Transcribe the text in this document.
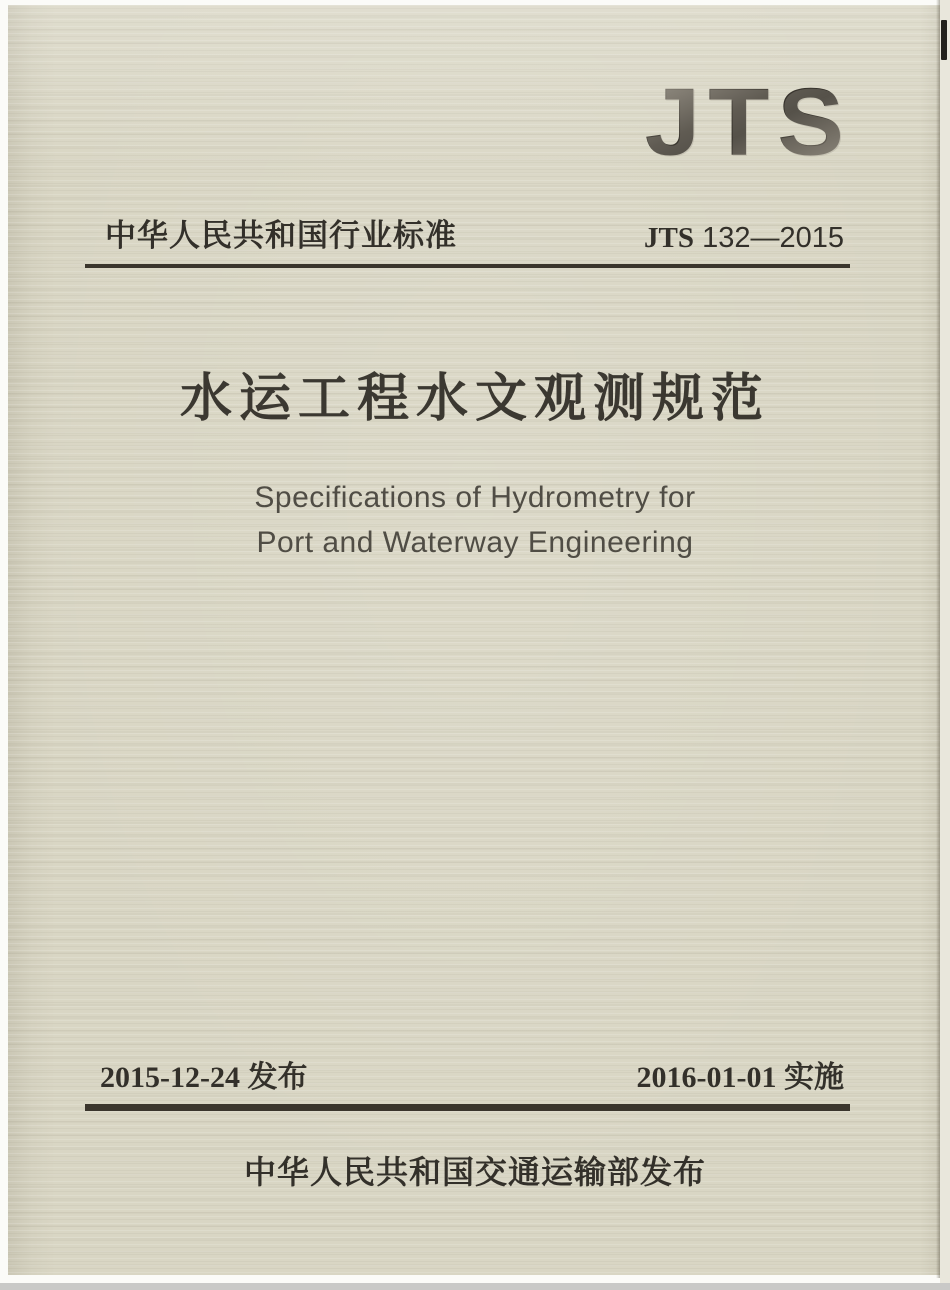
JTS
中华人民共和国行业标准	JTS 132—2015
水运工程水文观测规范
Specifications of Hydrometry for
Port and Waterway Engineering
2015-12-24 发布	2016-01-01 实施
中华人民共和国交通运输部发布
